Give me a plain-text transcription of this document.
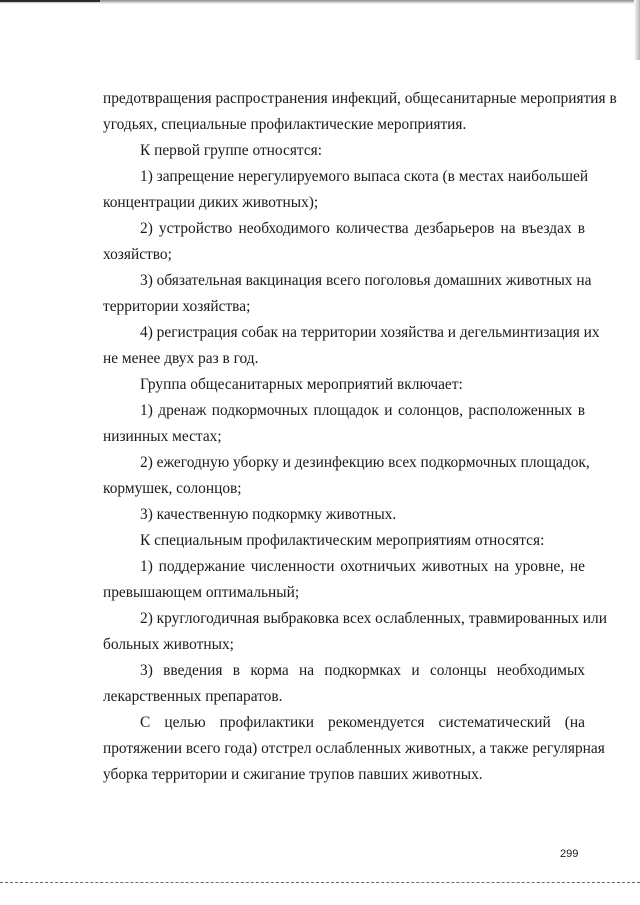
предотвращения распространения инфекций, общесанитарные мероприятия в
угодьях, специальные профилактические мероприятия.
К первой группе относятся:
1) запрещение нерегулируемого выпаса скота (в местах наибольшей
концентрации диких животных);
2) устройство необходимого количества дезбарьеров на въездах в
хозяйство;
3) обязательная вакцинация всего поголовья домашних животных на
территории хозяйства;
4) регистрация собак на территории хозяйства и дегельминтизация их
не менее двух раз в год.
Группа общесанитарных мероприятий включает:
1) дренаж подкормочных площадок и солонцов, расположенных в
низинных местах;
2) ежегодную уборку и дезинфекцию всех подкормочных площадок,
кормушек, солонцов;
3) качественную подкормку животных.
К специальным профилактическим мероприятиям относятся:
1) поддержание численности охотничьих животных на уровне, не
превышающем оптимальный;
2) круглогодичная выбраковка всех ослабленных, травмированных или
больных животных;
3) введения в корма на подкормках и солонцы необходимых
лекарственных препаратов.
С целью профилактики рекомендуется систематический (на
протяжении всего года) отстрел ослабленных животных, а также регулярная
уборка территории и сжигание трупов павших животных.
299
